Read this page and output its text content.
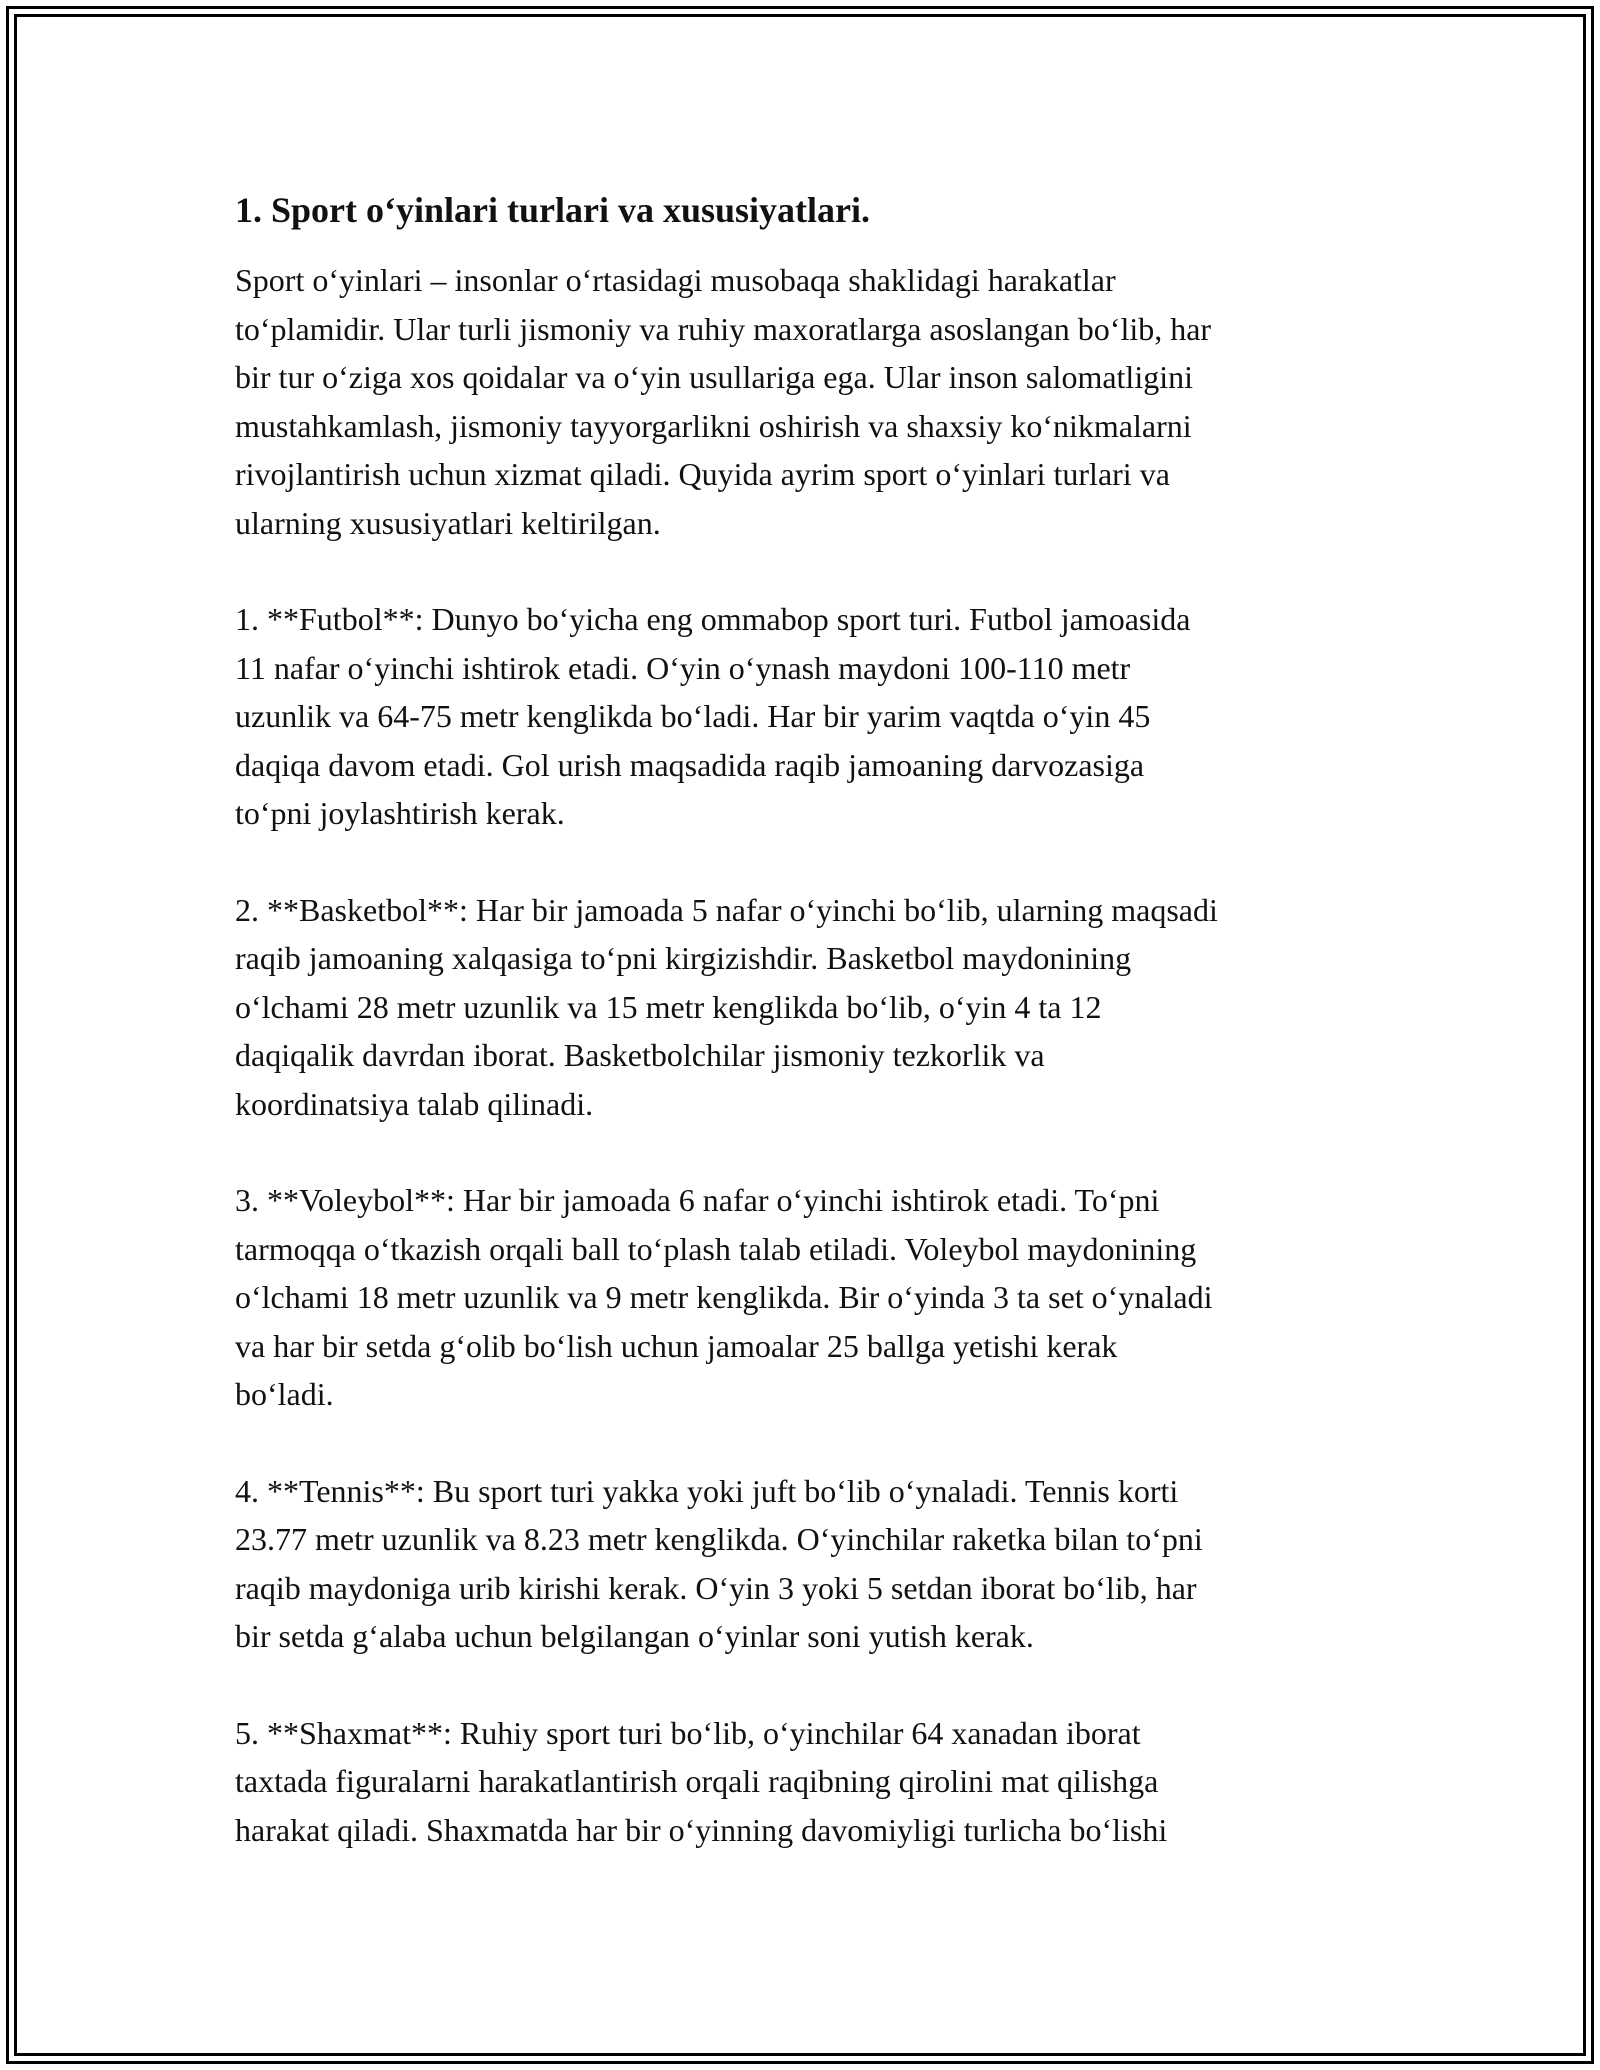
1. Sport o‘yinlari turlari va xususiyatlari.

Sport o‘yinlari – insonlar o‘rtasidagi musobaqa shaklidagi harakatlar
to‘plamidir. Ular turli jismoniy va ruhiy maxoratlarga asoslangan bo‘lib, har
bir tur o‘ziga xos qoidalar va o‘yin usullariga ega. Ular inson salomatligini
mustahkamlash, jismoniy tayyorgarlikni oshirish va shaxsiy ko‘nikmalarni
rivojlantirish uchun xizmat qiladi. Quyida ayrim sport o‘yinlari turlari va
ularning xususiyatlari keltirilgan.

1. **Futbol**: Dunyo bo‘yicha eng ommabop sport turi. Futbol jamoasida
11 nafar o‘yinchi ishtirok etadi. O‘yin o‘ynash maydoni 100-110 metr
uzunlik va 64-75 metr kenglikda bo‘ladi. Har bir yarim vaqtda o‘yin 45
daqiqa davom etadi. Gol urish maqsadida raqib jamoaning darvozasiga
to‘pni joylashtirish kerak.

2. **Basketbol**: Har bir jamoada 5 nafar o‘yinchi bo‘lib, ularning maqsadi
raqib jamoaning xalqasiga to‘pni kirgizishdir. Basketbol maydonining
o‘lchami 28 metr uzunlik va 15 metr kenglikda bo‘lib, o‘yin 4 ta 12
daqiqalik davrdan iborat. Basketbolchilar jismoniy tezkorlik va
koordinatsiya talab qilinadi.

3. **Voleybol**: Har bir jamoada 6 nafar o‘yinchi ishtirok etadi. To‘pni
tarmoqqa o‘tkazish orqali ball to‘plash talab etiladi. Voleybol maydonining
o‘lchami 18 metr uzunlik va 9 metr kenglikda. Bir o‘yinda 3 ta set o‘ynaladi
va har bir setda g‘olib bo‘lish uchun jamoalar 25 ballga yetishi kerak
bo‘ladi.

4. **Tennis**: Bu sport turi yakka yoki juft bo‘lib o‘ynaladi. Tennis korti
23.77 metr uzunlik va 8.23 metr kenglikda. O‘yinchilar raketka bilan to‘pni
raqib maydoniga urib kirishi kerak. O‘yin 3 yoki 5 setdan iborat bo‘lib, har
bir setda g‘alaba uchun belgilangan o‘yinlar soni yutish kerak.

5. **Shaxmat**: Ruhiy sport turi bo‘lib, o‘yinchilar 64 xanadan iborat
taxtada figuralarni harakatlantirish orqali raqibning qirolini mat qilishga
harakat qiladi. Shaxmatda har bir o‘yinning davomiyligi turlicha bo‘lishi
